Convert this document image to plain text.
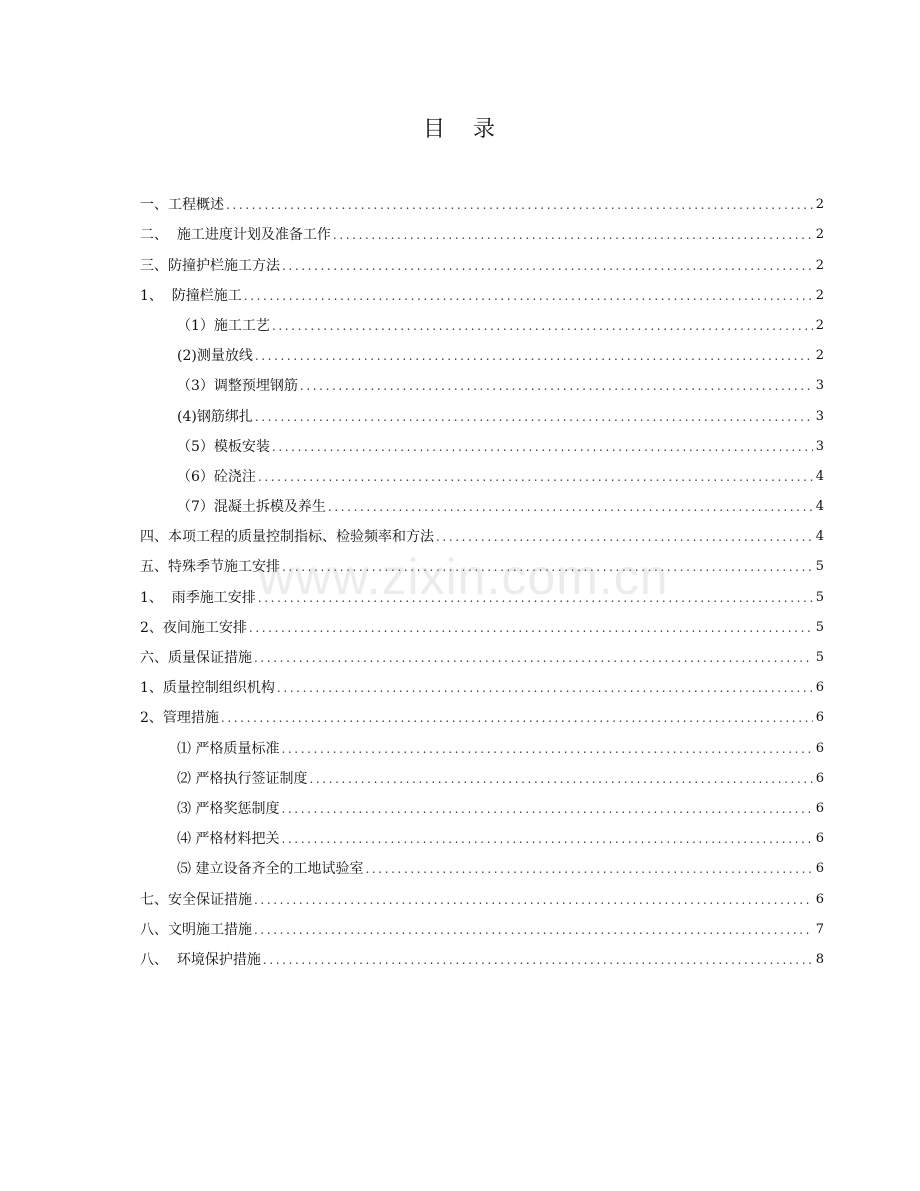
目 录
一、工程概述 .....	2
二、  施工进度计划及准备工作 .....	2
三、防撞护栏施工方法 .....	2
1、  防撞栏施工 .....	2
（1）施工工艺 .....	2
(2)测量放线 .....	2
（3）调整预埋钢筋 .....	3
(4)钢筋绑扎 .....	3
（5）模板安装 .....	3
（6）砼浇注 .....	4
（7）混凝土拆模及养生 .....	4
四、本项工程的质量控制指标、检验频率和方法 .....	4
五、特殊季节施工安排 .....	5
1、  雨季施工安排 .....	5
2、夜间施工安排 .....	5
六、质量保证措施 .....	5
1、质量控制组织机构 .....	6
2、管理措施 .....	6
⑴ 严格质量标准 .....	6
⑵ 严格执行签证制度 .....	6
⑶ 严格奖惩制度 .....	6
⑷ 严格材料把关 .....	6
⑸ 建立设备齐全的工地试验室 .....	6
七、安全保证措施 .....	6
八、文明施工措施 .....	7
八、  环境保护措施 .....	8
www.zixin.com.cn
